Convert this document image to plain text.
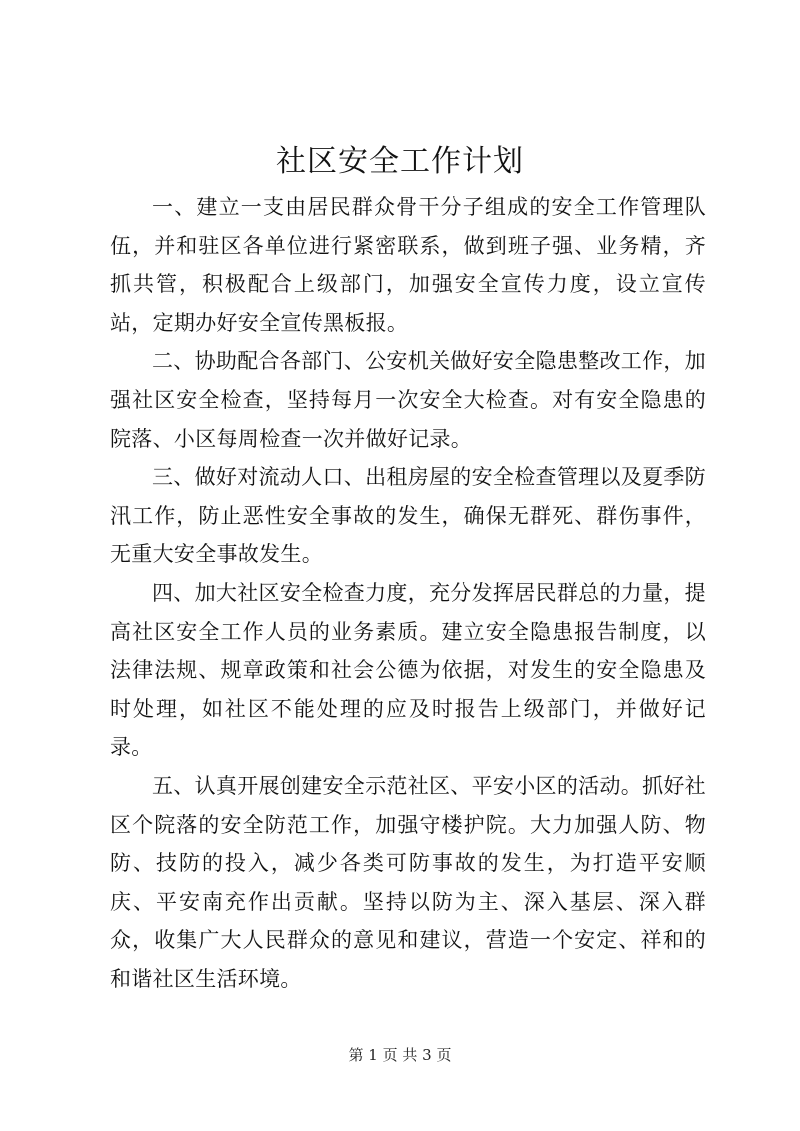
社区安全工作计划

一、建立一支由居民群众骨干分子组成的安全工作管理队伍，并和驻区各单位进行紧密联系，做到班子强、业务精，齐抓共管，积极配合上级部门，加强安全宣传力度，设立宣传站，定期办好安全宣传黑板报。

二、协助配合各部门、公安机关做好安全隐患整改工作，加强社区安全检查，坚持每月一次安全大检查。对有安全隐患的院落、小区每周检查一次并做好记录。

三、做好对流动人口、出租房屋的安全检查管理以及夏季防汛工作，防止恶性安全事故的发生，确保无群死、群伤事件，无重大安全事故发生。

四、加大社区安全检查力度，充分发挥居民群总的力量，提高社区安全工作人员的业务素质。建立安全隐患报告制度，以法律法规、规章政策和社会公德为依据，对发生的安全隐患及时处理，如社区不能处理的应及时报告上级部门，并做好记录。

五、认真开展创建安全示范社区、平安小区的活动。抓好社区个院落的安全防范工作，加强守楼护院。大力加强人防、物防、技防的投入，减少各类可防事故的发生，为打造平安顺庆、平安南充作出贡献。坚持以防为主、深入基层、深入群众，收集广大人民群众的意见和建议，营造一个安定、祥和的和谐社区生活环境。

第 1 页 共 3 页
